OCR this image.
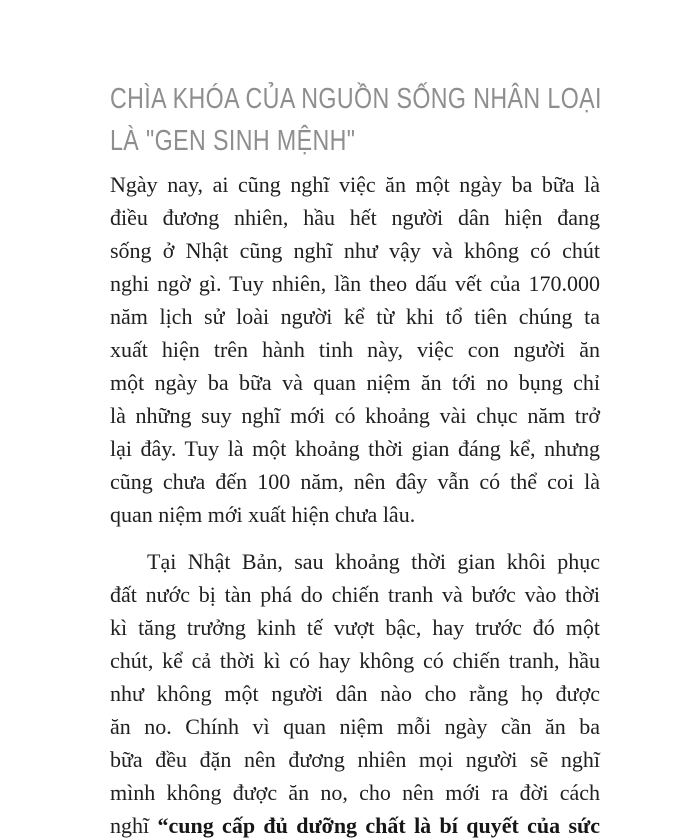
CHÌA KHÓA CỦA NGUỒN SỐNG NHÂN LOẠI
LÀ "GEN SINH MỆNH"
Ngày nay, ai cũng nghĩ việc ăn một ngày ba bữa là
điều đương nhiên, hầu hết người dân hiện đang
sống ở Nhật cũng nghĩ như vậy và không có chút
nghi ngờ gì. Tuy nhiên, lần theo dấu vết của 170.000
năm lịch sử loài người kể từ khi tổ tiên chúng ta
xuất hiện trên hành tinh này, việc con người ăn
một ngày ba bữa và quan niệm ăn tới no bụng chỉ
là những suy nghĩ mới có khoảng vài chục năm trở
lại đây. Tuy là một khoảng thời gian đáng kể, nhưng
cũng chưa đến 100 năm, nên đây vẫn có thể coi là
quan niệm mới xuất hiện chưa lâu.
Tại Nhật Bản, sau khoảng thời gian khôi phục
đất nước bị tàn phá do chiến tranh và bước vào thời
kì tăng trưởng kinh tế vượt bậc, hay trước đó một
chút, kể cả thời kì có hay không có chiến tranh, hầu
như không một người dân nào cho rằng họ được
ăn no. Chính vì quan niệm mỗi ngày cần ăn ba
bữa đều đặn nên đương nhiên mọi người sẽ nghĩ
mình không được ăn no, cho nên mới ra đời cách
nghĩ “cung cấp đủ dưỡng chất là bí quyết của sức
